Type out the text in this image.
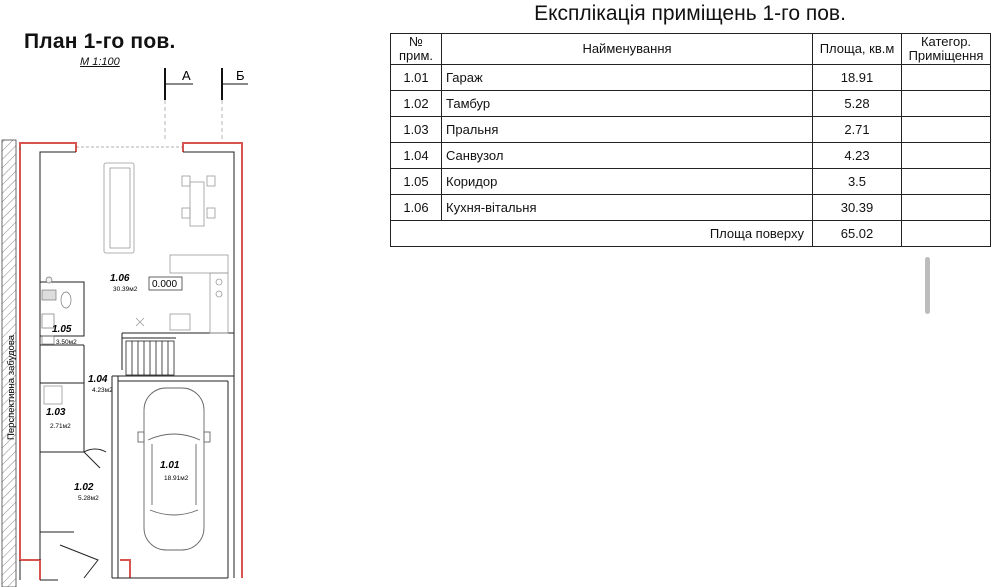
План 1-го пов.
М 1:100
А	Б
Перспективна забудова
0.000
1.06
30.39м2
1.05
3.50м2
1.04
4.23м2
1.03
2.71м2
1.01
18.91м2
1.02
5.28м2
Експлікація приміщень 1-го пов.
№ прим.	Найменування	Площа, кв.м	Категор. Приміщення
1.01	Гараж	18.91	
1.02	Тамбур	5.28	
1.03	Пральня	2.71	
1.04	Санвузол	4.23	
1.05	Коридор	3.5	
1.06	Кухня-вітальня	30.39	
Площа поверху		65.02	
